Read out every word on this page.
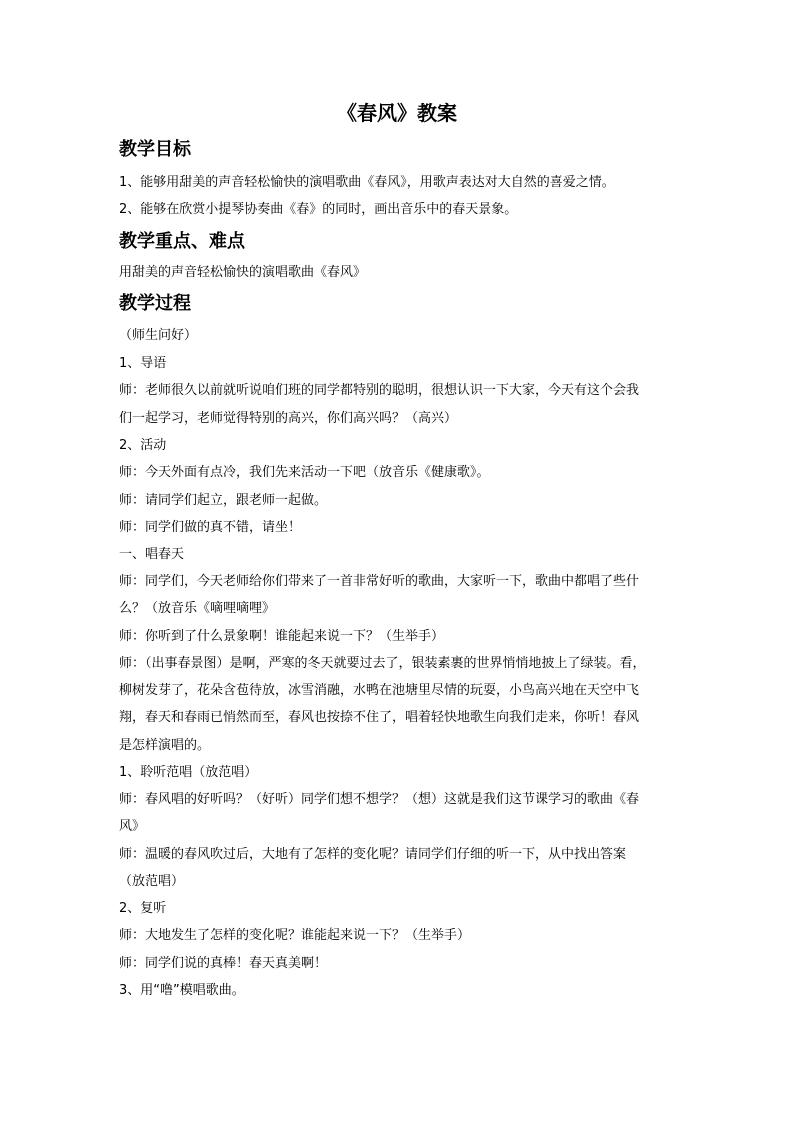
《春风》教案
教学目标
1、能够用甜美的声音轻松愉快的演唱歌曲《春风》，用歌声表达对大自然的喜爱之情。
2、能够在欣赏小提琴协奏曲《春》的同时，画出音乐中的春天景象。
教学重点、难点
用甜美的声音轻松愉快的演唱歌曲《春风》
教学过程
（师生问好）
1、导语
师：老师很久以前就听说咱们班的同学都特别的聪明，很想认识一下大家，今天有这个会我
们一起学习，老师觉得特别的高兴，你们高兴吗？（高兴）
2、活动
师：今天外面有点冷，我们先来活动一下吧（放音乐《健康歌》。
师：请同学们起立，跟老师一起做。
师：同学们做的真不错，请坐！
一、唱春天
师：同学们，今天老师给你们带来了一首非常好听的歌曲，大家听一下，歌曲中都唱了些什
么？（放音乐《嘀哩嘀哩》
师：你听到了什么景象啊！谁能起来说一下？（生举手）
师：（出事春景图）是啊，严寒的冬天就要过去了，银装素裹的世界悄悄地披上了绿装。看，
柳树发芽了，花朵含苞待放，冰雪消融，水鸭在池塘里尽情的玩耍，小鸟高兴地在天空中飞
翔，春天和春雨已悄然而至，春风也按捺不住了，唱着轻快地歌生向我们走来，你听！春风
是怎样演唱的。
1、聆听范唱（放范唱）
师：春风唱的好听吗？（好听）同学们想不想学？（想）这就是我们这节课学习的歌曲《春
风》
师：温暖的春风吹过后，大地有了怎样的变化呢？请同学们仔细的听一下，从中找出答案
（放范唱）
2、复听
师：大地发生了怎样的变化呢？谁能起来说一下？（生举手）
师：同学们说的真棒！春天真美啊！
3、用“噜”模唱歌曲。
